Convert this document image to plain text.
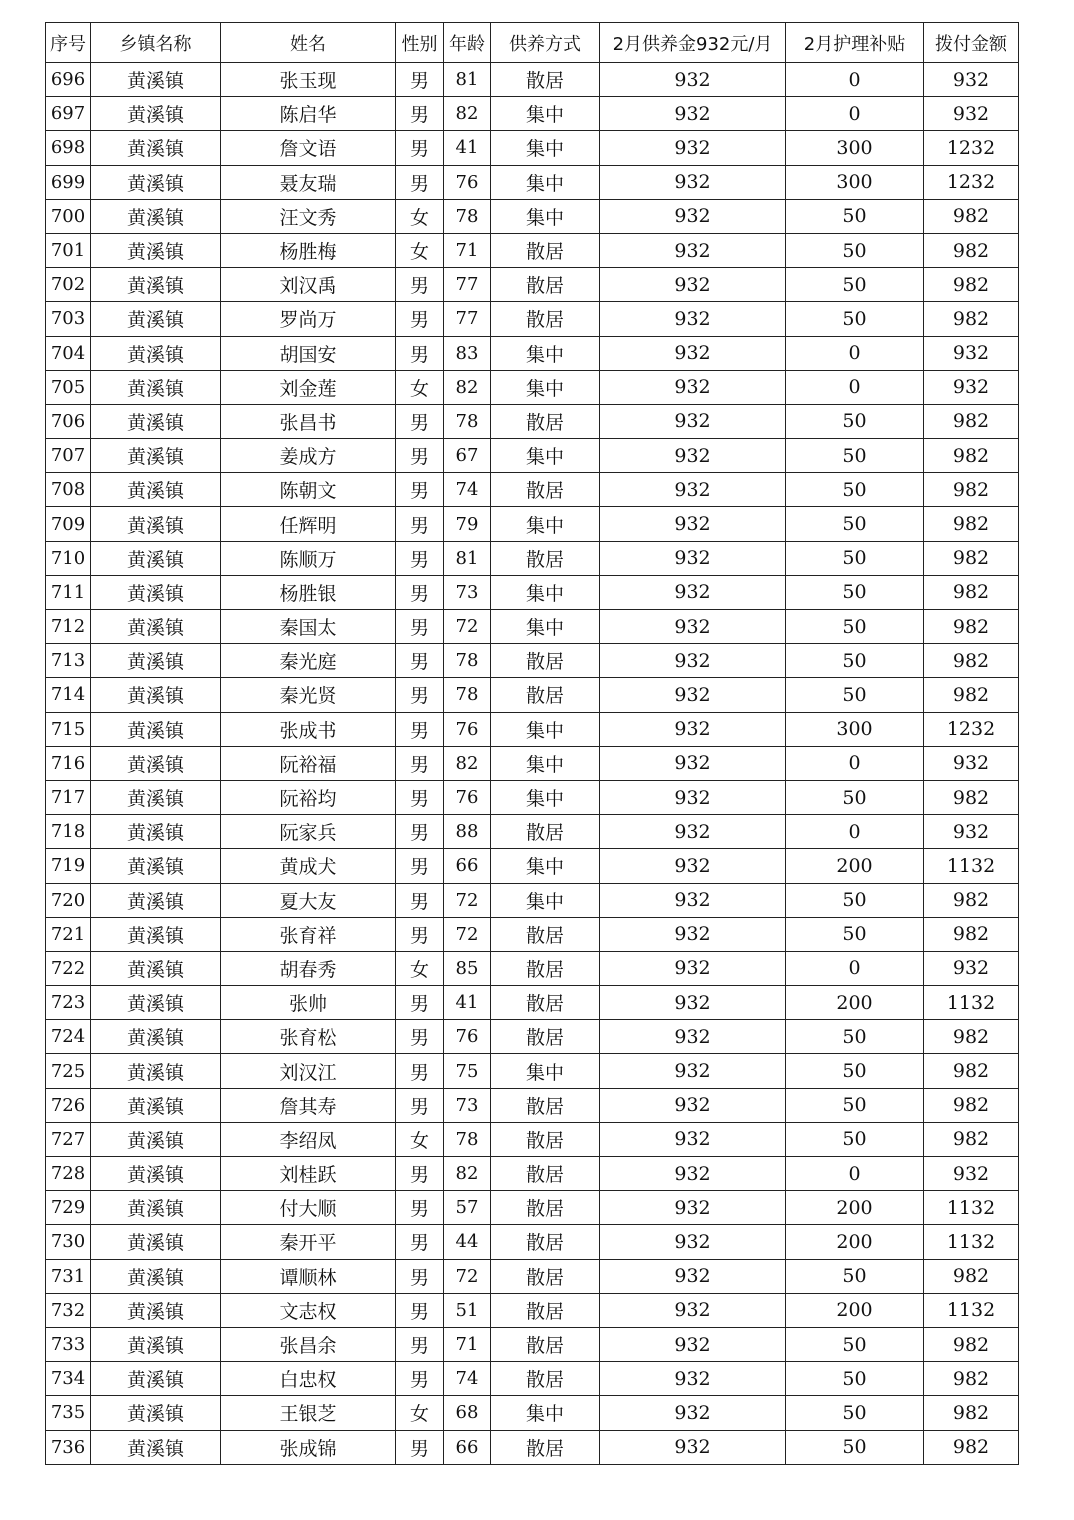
序号	乡镇名称	姓名	性别	年龄	供养方式	2月供养金932元/月	2月护理补贴	拨付金额
696	黄溪镇	张玉现	男	81	散居	932	0	932
697	黄溪镇	陈启华	男	82	集中	932	0	932
698	黄溪镇	詹文语	男	41	集中	932	300	1232
699	黄溪镇	聂友瑞	男	76	集中	932	300	1232
700	黄溪镇	汪文秀	女	78	集中	932	50	982
701	黄溪镇	杨胜梅	女	71	散居	932	50	982
702	黄溪镇	刘汉禹	男	77	散居	932	50	982
703	黄溪镇	罗尚万	男	77	散居	932	50	982
704	黄溪镇	胡国安	男	83	集中	932	0	932
705	黄溪镇	刘金莲	女	82	集中	932	0	932
706	黄溪镇	张昌书	男	78	散居	932	50	982
707	黄溪镇	姜成方	男	67	集中	932	50	982
708	黄溪镇	陈朝文	男	74	散居	932	50	982
709	黄溪镇	任辉明	男	79	集中	932	50	982
710	黄溪镇	陈顺万	男	81	散居	932	50	982
711	黄溪镇	杨胜银	男	73	集中	932	50	982
712	黄溪镇	秦国太	男	72	集中	932	50	982
713	黄溪镇	秦光庭	男	78	散居	932	50	982
714	黄溪镇	秦光贤	男	78	散居	932	50	982
715	黄溪镇	张成书	男	76	集中	932	300	1232
716	黄溪镇	阮裕福	男	82	集中	932	0	932
717	黄溪镇	阮裕均	男	76	集中	932	50	982
718	黄溪镇	阮家兵	男	88	散居	932	0	932
719	黄溪镇	黄成犬	男	66	集中	932	200	1132
720	黄溪镇	夏大友	男	72	集中	932	50	982
721	黄溪镇	张育祥	男	72	散居	932	50	982
722	黄溪镇	胡春秀	女	85	散居	932	0	932
723	黄溪镇	张帅	男	41	散居	932	200	1132
724	黄溪镇	张育松	男	76	散居	932	50	982
725	黄溪镇	刘汉江	男	75	集中	932	50	982
726	黄溪镇	詹其寿	男	73	散居	932	50	982
727	黄溪镇	李绍凤	女	78	散居	932	50	982
728	黄溪镇	刘桂跃	男	82	散居	932	0	932
729	黄溪镇	付大顺	男	57	散居	932	200	1132
730	黄溪镇	秦开平	男	44	散居	932	200	1132
731	黄溪镇	谭顺林	男	72	散居	932	50	982
732	黄溪镇	文志权	男	51	散居	932	200	1132
733	黄溪镇	张昌余	男	71	散居	932	50	982
734	黄溪镇	白忠权	男	74	散居	932	50	982
735	黄溪镇	王银芝	女	68	集中	932	50	982
736	黄溪镇	张成锦	男	66	散居	932	50	982
